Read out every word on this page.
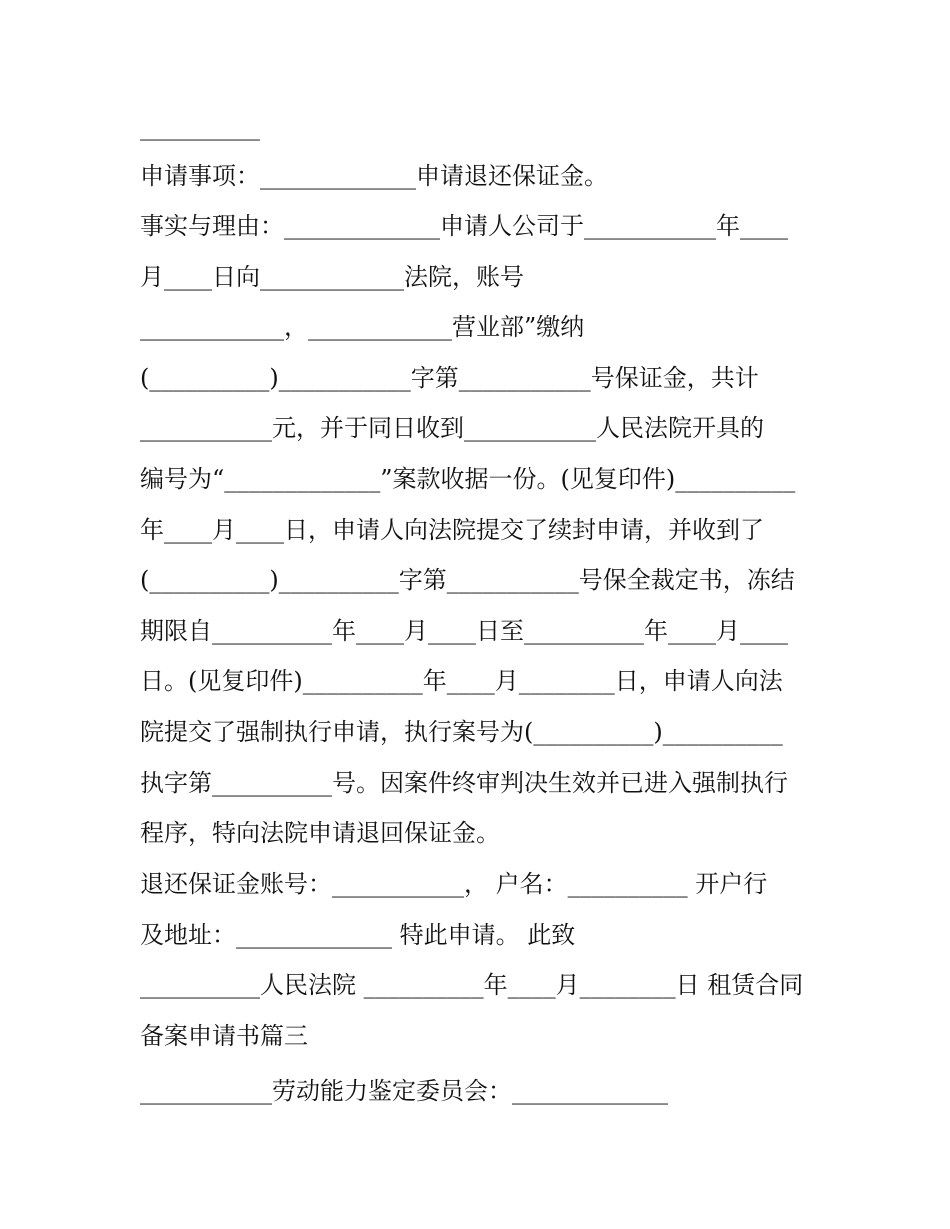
__________

申请事项：_____________申请退还保证金。

事实与理由：_____________申请人公司于___________年____

月____日向____________法院，账号

____________，____________营业部”缴纳

(__________)___________字第___________号保证金，共计

___________元，并于同日收到___________人民法院开具的

编号为“_____________”案款收据一份。(见复印件)__________

年____月____日，申请人向法院提交了续封申请，并收到了

(__________)__________字第___________号保全裁定书，冻结

期限自__________年____月____日至__________年____月____

日。(见复印件)__________年____月________日，申请人向法

院提交了强制执行申请，执行案号为(__________)__________

执字第__________号。因案件终审判决生效并已进入强制执行

程序，特向法院申请退回保证金。

退还保证金账号：___________， 户名：__________ 开户行

及地址：_____________ 特此申请。 此致

__________人民法院 __________年____月________日 租赁合同

备案申请书篇三

___________劳动能力鉴定委员会：_____________
